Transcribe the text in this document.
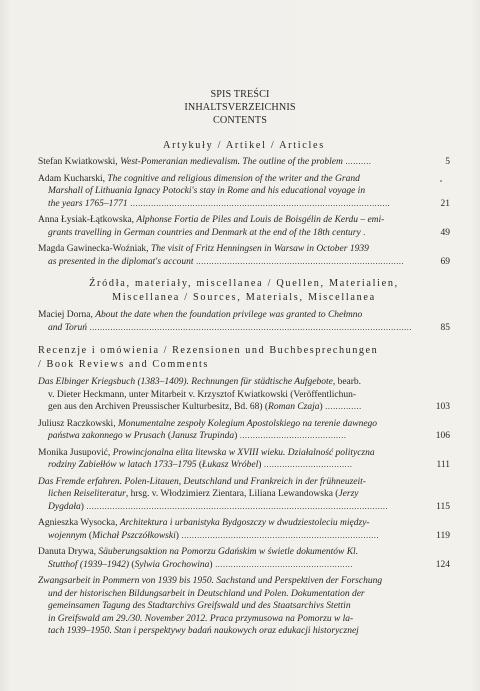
SPIS TREŚCI
INHALTSVERZEICHNIS
CONTENTS
Artykuły / Artikel / Articles
Stefan Kwiatkowski, West-Pomeranian medievalism. The outline of the problem ..........	5
Adam Kucharski, The cognitive and religious dimension of the writer and the Grand
Marshall of Lithuania Ignacy Potocki's stay in Rome and his educational voyage in
the years 1765–1771 ....................................................................................................	21
Anna Łysiak-Łątkowska, Alphonse Fortia de Piles and Louis de Boisgélin de Kerdu – emi-
grants travelling in German countries and Denmark at the end of the 18th century .	49
Magda Gawinecka-Woźniak, The visit of Fritz Henningsen in Warsaw in October 1939
as presented in the diplomat's account ................................................................................	69
Źródła, materiały, miscellanea / Quellen, Materialien,
Miscellanea / Sources, Materials, Miscellanea
Maciej Dorna, About the date when the foundation privilege was granted to Chełmno
and Toruń ............................................................................................................................	85
Recenzje i omówienia / Rezensionen und Buchbesprechungen
/ Book Reviews and Comments
Das Elbinger Kriegsbuch (1383–1409). Rechnungen für städtische Aufgebote, bearb.
v. Dieter Heckmann, unter Mitarbeit v. Krzysztof Kwiatkowski (Veröffentlichun-
gen aus den Archiven Preussischer Kulturbesitz, Bd. 68) (Roman Czaja) ..............	103
Juliusz Raczkowski, Monumentalne zespoły Kolegium Apostolskiego na terenie dawnego
państwa zakonnego w Prusach (Janusz Trupinda) .........................................	106
Monika Jusupović, Prowincjonalna elita litewska w XVIII wieku. Działalność polityczna
rodziny Zabiełłów w latach 1733–1795 (Łukasz Wróbel) ..................................	111
Das Fremde erfahren. Polen-Litauen, Deutschland und Frankreich in der frühneuzeit-
lichen Reiseliteratur, hrsg. v. Włodzimierz Zientara, Liliana Lewandowska (Jerzy
Dygdała) ....................................................................................................................	115
Agnieszka Wysocka, Architektura i urbanistyka Bydgoszczy w dwudziestoleciu między-
wojennym (Michał Pszczółkowski) ............................................................................	119
Danuta Drywa, Säuberungsaktion na Pomorzu Gdańskim w świetle dokumentów Kl.
Stutthof (1939–1942) (Sylwia Grochowina) .....................................................	124
Zwangsarbeit in Pommern von 1939 bis 1950. Sachstand und Perspektiven der Forschung
und der historischen Bildungsarbeit in Deutschland und Polen. Dokumentation der
gemeinsamen Tagung des Stadtarchivs Greifswald und des Staatsarchivs Stettin
in Greifswald am 29./30. November 2012. Praca przymusowa na Pomorzu w la-
tach 1939–1950. Stan i perspektywy badań naukowych oraz edukacji historycznej
